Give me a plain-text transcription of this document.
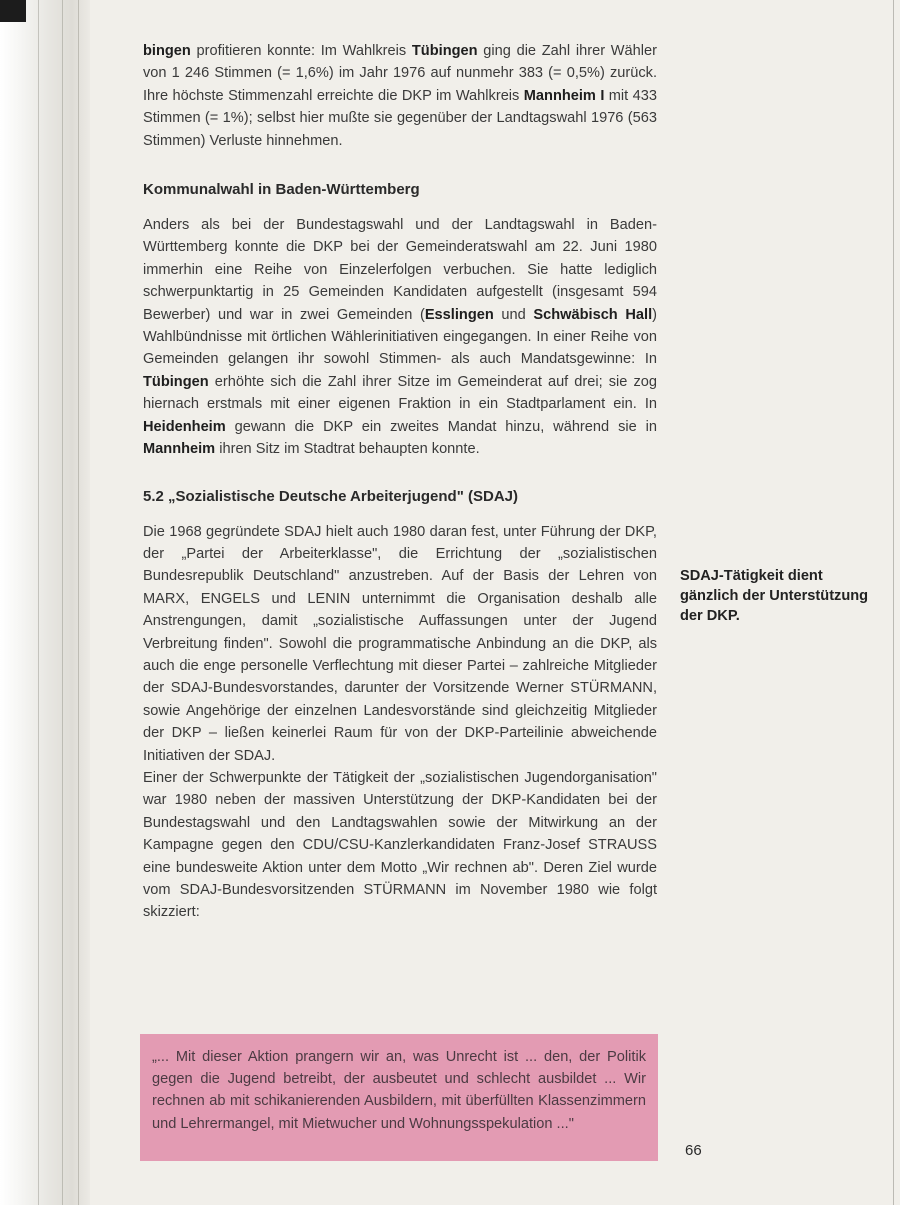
bingen profitieren konnte: Im Wahlkreis Tübingen ging die Zahl ihrer Wähler von 1 246 Stimmen (= 1,6%) im Jahr 1976 auf nunmehr 383 (= 0,5%) zurück. Ihre höchste Stimmenzahl erreichte die DKP im Wahlkreis Mannheim I mit 433 Stimmen (= 1%); selbst hier mußte sie gegenüber der Landtagswahl 1976 (563 Stimmen) Verluste hinnehmen.

Kommunalwahl in Baden-Württemberg

Anders als bei der Bundestagswahl und der Landtagswahl in Baden-Württemberg konnte die DKP bei der Gemeinderatswahl am 22. Juni 1980 immerhin eine Reihe von Einzelerfolgen verbuchen. Sie hatte lediglich schwerpunktartig in 25 Gemeinden Kandidaten aufgestellt (insgesamt 594 Bewerber) und war in zwei Gemeinden (Esslingen und Schwäbisch Hall) Wahlbündnisse mit örtlichen Wählerinitiativen eingegangen. In einer Reihe von Gemeinden gelangen ihr sowohl Stimmen- als auch Mandatsgewinne: In Tübingen erhöhte sich die Zahl ihrer Sitze im Gemeinderat auf drei; sie zog hiernach erstmals mit einer eigenen Fraktion in ein Stadtparlament ein. In Heidenheim gewann die DKP ein zweites Mandat hinzu, während sie in Mannheim ihren Sitz im Stadtrat behaupten konnte.

5.2 „Sozialistische Deutsche Arbeiterjugend" (SDAJ)

Die 1968 gegründete SDAJ hielt auch 1980 daran fest, unter Führung der DKP, der „Partei der Arbeiterklasse", die Errichtung der „sozialistischen Bundesrepublik Deutschland" anzustreben. Auf der Basis der Lehren von MARX, ENGELS und LENIN unternimmt die Organisation deshalb alle Anstrengungen, damit „sozialistische Auffassungen unter der Jugend Verbreitung finden". Sowohl die programmatische Anbindung an die DKP, als auch die enge personelle Verflechtung mit dieser Partei – zahlreiche Mitglieder der SDAJ-Bundesvorstandes, darunter der Vorsitzende Werner STÜRMANN, sowie Angehörige der einzelnen Landesvorstände sind gleichzeitig Mitglieder der DKP – ließen keinerlei Raum für von der DKP-Parteilinie abweichende Initiativen der SDAJ.

Einer der Schwerpunkte der Tätigkeit der „sozialistischen Jugendorganisation" war 1980 neben der massiven Unterstützung der DKP-Kandidaten bei der Bundestagswahl und den Landtagswahlen sowie der Mitwirkung an der Kampagne gegen den CDU/CSU-Kanzlerkandidaten Franz-Josef STRAUSS eine bundesweite Aktion unter dem Motto „Wir rechnen ab". Deren Ziel wurde vom SDAJ-Bundesvorsitzenden STÜRMANN im November 1980 wie folgt skizziert:

SDAJ-Tätigkeit dient gänzlich der Unterstützung der DKP.
„... Mit dieser Aktion prangern wir an, was Unrecht ist ... den, der Politik gegen die Jugend betreibt, der ausbeutet und schlecht ausbildet ... Wir rechnen ab mit schikanierenden Ausbildern, mit überfüllten Klassenzimmern und Lehrermangel, mit Mietwucher und Wohnungsspekulation ..."
66
